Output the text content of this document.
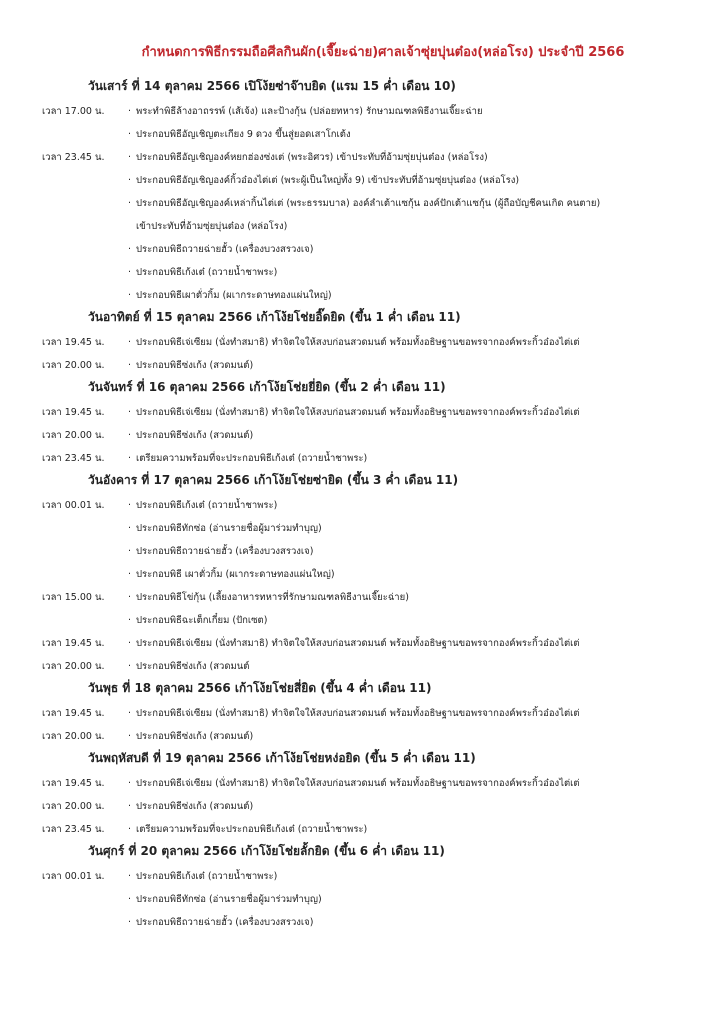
กำหนดการพิธีกรรมถือศีลกินผัก(เจี๊ยะฉ่าย)ศาลเจ้าซุ่ยบุ่นต๋อง(หล่อโรง) ประจำปี 2566
วันเสาร์ ที่ 14 ตุลาคม 2566 เปิโง้ยซ่าจ๊าบยิด (แรม 15 ค่ำ เดือน 10)
เวลา 17.00 น.	· พระทำพิธีล้างอาถรรพ์ (เส้เจ้ง) และป้างกุ้น (ปล่อยทหาร) รักษามณฑลพิธีงานเจี๊ยะฉ่าย
· ประกอบพิธีอัญเชิญตะเกียง 9 ดวง ขึ้นสู่ยอดเสาโกเต้ง
เวลา 23.45 น.	· ประกอบพิธีอัญเชิญองค์หยกฮ่องซ่งเต่ (พระอิศวร) เข้าประทับที่อ้ามซุ่ยบุ่นต๋อง (หล่อโรง)
· ประกอบพิธีอัญเชิญองค์กิ้วอ๋องไต่เต่ (พระผู้เป็นใหญ่ทั้ง 9) เข้าประทับที่อ้ามซุ่ยบุ่นต๋อง (หล่อโรง)
· ประกอบพิธีอัญเชิญองค์เหล่ากิ้นไต่เต่ (พระธรรมบาล) องค์ลำเต้าแซกุ้น องค์ปักเต้าแซกุ้น (ผู้ถือบัญชีคนเกิด คนตาย)
เข้าประทับที่อ้ามซุ่ยบุ่นต๋อง (หล่อโรง)
· ประกอบพิธีถวายฉ่ายฮั้ว (เครื่องบวงสรวงเจ)
· ประกอบพิธีเก้งเต๋ (ถวายน้ำชาพระ)
· ประกอบพิธีเผาตั่วกิ้ม (ผเากระดาษทองแผ่นใหญ่)
วันอาทิตย์ ที่ 15 ตุลาคม 2566 เก้าโง้ยโช่ยอิ๊ดยิด (ขึ้น 1 ค่ำ เดือน 11)
เวลา 19.45 น.	· ประกอบพิธีเจ่เซียม (นั่งทำสมาธิ) ทำจิตใจให้สงบก่อนสวดมนต์ พร้อมทั้งอธิษฐานขอพรจากองค์พระกิ้วอ๋องไต่เต่
เวลา 20.00 น.	· ประกอบพิธีซ่งเก้ง (สวดมนต์)
วันจันทร์ ที่ 16 ตุลาคม 2566 เก้าโง้ยโช่ยยี่ยิด (ขึ้น 2 ค่ำ เดือน 11)
เวลา 19.45 น.	· ประกอบพิธีเจ่เซียม (นั่งทำสมาธิ) ทำจิตใจให้สงบก่อนสวดมนต์ พร้อมทั้งอธิษฐานขอพรจากองค์พระกิ้วอ๋องไต่เต่
เวลา 20.00 น.	· ประกอบพิธีซ่งเก้ง (สวดมนต์)
เวลา 23.45 น.	· เตรียมความพร้อมที่จะประกอบพิธีเก้งเต๋ (ถวายน้ำชาพระ)
วันอังคาร ที่ 17 ตุลาคม 2566 เก้าโง้ยโช่ยซ่ายิด (ขึ้น 3 ค่ำ เดือน 11)
เวลา 00.01 น.	· ประกอบพิธีเก้งเต๋ (ถวายน้ำชาพระ)
· ประกอบพิธีทักซ่อ (อ่านรายชื่อผู้มาร่วมทำบุญ)
· ประกอบพิธีถวายฉ่ายฮั้ว (เครื่องบวงสรวงเจ)
· ประกอบพิธี เผาตั่วกิ้ม (ผเากระดาษทองแผ่นใหญ่)
เวลา 15.00 น.	· ประกอบพิธีโข่กุ้น (เลี้ยงอาหารทหารที่รักษามณฑลพิธีงานเจี๊ยะฉ่าย)
· ประกอบพิธีฉะเต็กเกี๋ยม (ปักเซต)
เวลา 19.45 น.	· ประกอบพิธีเจ่เซียม (นั่งทำสมาธิ) ทำจิตใจให้สงบก่อนสวดมนต์ พร้อมทั้งอธิษฐานขอพรจากองค์พระกิ้วอ๋องไต่เต่
เวลา 20.00 น.	· ประกอบพิธีซ่งเก้ง (สวดมนต์
วันพุธ ที่ 18 ตุลาคม 2566 เก้าโง้ยโช่ยสี่ยิด (ขึ้น 4 ค่ำ เดือน 11)
เวลา 19.45 น.	· ประกอบพิธีเจ่เซียม (นั่งทำสมาธิ) ทำจิตใจให้สงบก่อนสวดมนต์ พร้อมทั้งอธิษฐานขอพรจากองค์พระกิ้วอ๋องไต่เต่
เวลา 20.00 น.	· ประกอบพิธีซ่งเก้ง (สวดมนต์)
วันพฤหัสบดี ที่ 19 ตุลาคม 2566 เก้าโง้ยโช่ยหง่อยิด (ขึ้น 5 ค่ำ เดือน 11)
เวลา 19.45 น.	· ประกอบพิธีเจ่เซียม (นั่งทำสมาธิ) ทำจิตใจให้สงบก่อนสวดมนต์ พร้อมทั้งอธิษฐานขอพรจากองค์พระกิ้วอ๋องไต่เต่
เวลา 20.00 น.	· ประกอบพิธีซ่งเก้ง (สวดมนต์)
เวลา 23.45 น.	· เตรียมความพร้อมที่จะประกอบพิธีเก้งเต๋ (ถวายน้ำชาพระ)
วันศุกร์ ที่ 20 ตุลาคม 2566 เก้าโง้ยโช่ยลั้กยิด (ขึ้น 6 ค่ำ เดือน 11)
เวลา 00.01 น.	· ประกอบพิธีเก้งเต๋ (ถวายน้ำชาพระ)
· ประกอบพิธีทักซ่อ (อ่านรายชื่อผู้มาร่วมทำบุญ)
· ประกอบพิธีถวายฉ่ายฮั้ว (เครื่องบวงสรวงเจ)
